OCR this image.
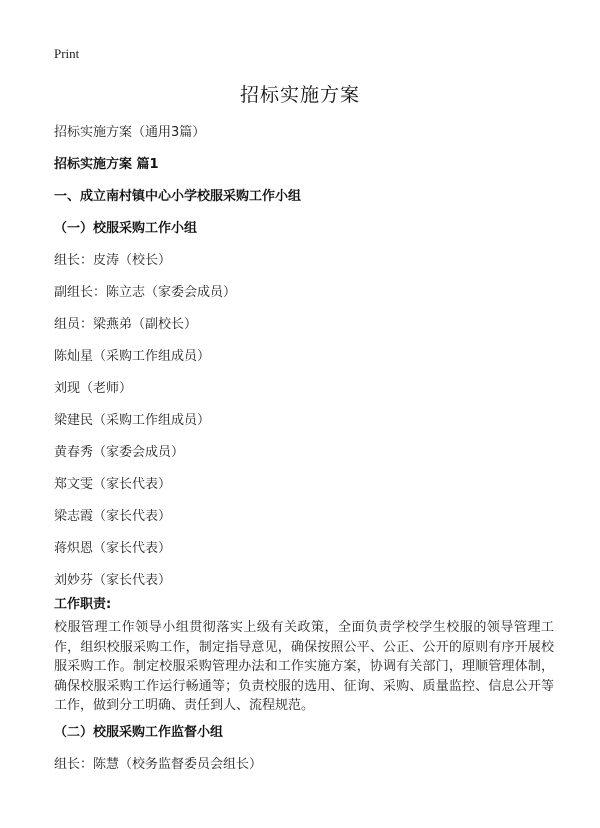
Print
招标实施方案
招标实施方案（通用3篇）
招标实施方案 篇1
一、成立南村镇中心小学校服采购工作小组
（一）校服采购工作小组
组长：皮涛（校长）
副组长：陈立志（家委会成员）
组员：梁燕弟（副校长）
陈灿星（采购工作组成员）
刘现（老师）
梁建民（采购工作组成员）
黄春秀（家委会成员）
郑文雯（家长代表）
梁志霞（家长代表）
蒋炽恩（家长代表）
刘妙芬（家长代表）
工作职责:
校服管理工作领导小组贯彻落实上级有关政策，全面负责学校学生校服的领导管理工作，组织校服采购工作，制定指导意见，确保按照公平、公正、公开的原则有序开展校服采购工作。制定校服采购管理办法和工作实施方案，协调有关部门，理顺管理体制，确保校服采购工作运行畅通等；负责校服的选用、征询、采购、质量监控、信息公开等工作，做到分工明确、责任到人、流程规范。
（二）校服采购工作监督小组
组长：陈慧（校务监督委员会组长）
